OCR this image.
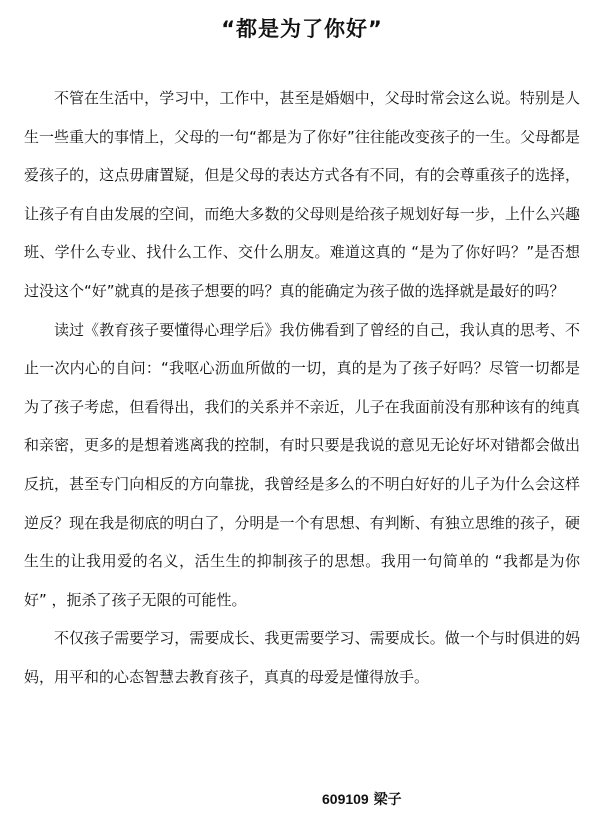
“都是为了你好”

不管在生活中，学习中，工作中，甚至是婚姻中，父母时常会这么说。特别是人生一些重大的事情上，父母的一句“都是为了你好”往往能改变孩子的一生。父母都是爱孩子的，这点毋庸置疑，但是父母的表达方式各有不同，有的会尊重孩子的选择，让孩子有自由发展的空间，而绝大多数的父母则是给孩子规划好每一步，上什么兴趣班、学什么专业、找什么工作、交什么朋友。难道这真的 “是为了你好吗？”是否想过没这个“好”就真的是孩子想要的吗？真的能确定为孩子做的选择就是最好的吗？

读过《教育孩子要懂得心理学后》我仿佛看到了曾经的自己，我认真的思考、不止一次内心的自问：“我呕心沥血所做的一切，真的是为了孩子好吗？尽管一切都是为了孩子考虑，但看得出，我们的关系并不亲近，儿子在我面前没有那种该有的纯真和亲密，更多的是想着逃离我的控制，有时只要是我说的意见无论好坏对错都会做出反抗，甚至专门向相反的方向靠拢，我曾经是多么的不明白好好的儿子为什么会这样逆反？现在我是彻底的明白了，分明是一个有思想、有判断、有独立思维的孩子，硬生生的让我用爱的名义，活生生的抑制孩子的思想。我用一句简单的 “我都是为你好” ，扼杀了孩子无限的可能性。

不仅孩子需要学习，需要成长、我更需要学习、需要成长。做一个与时俱进的妈妈，用平和的心态智慧去教育孩子，真真的母爱是懂得放手。

609109 梁子
